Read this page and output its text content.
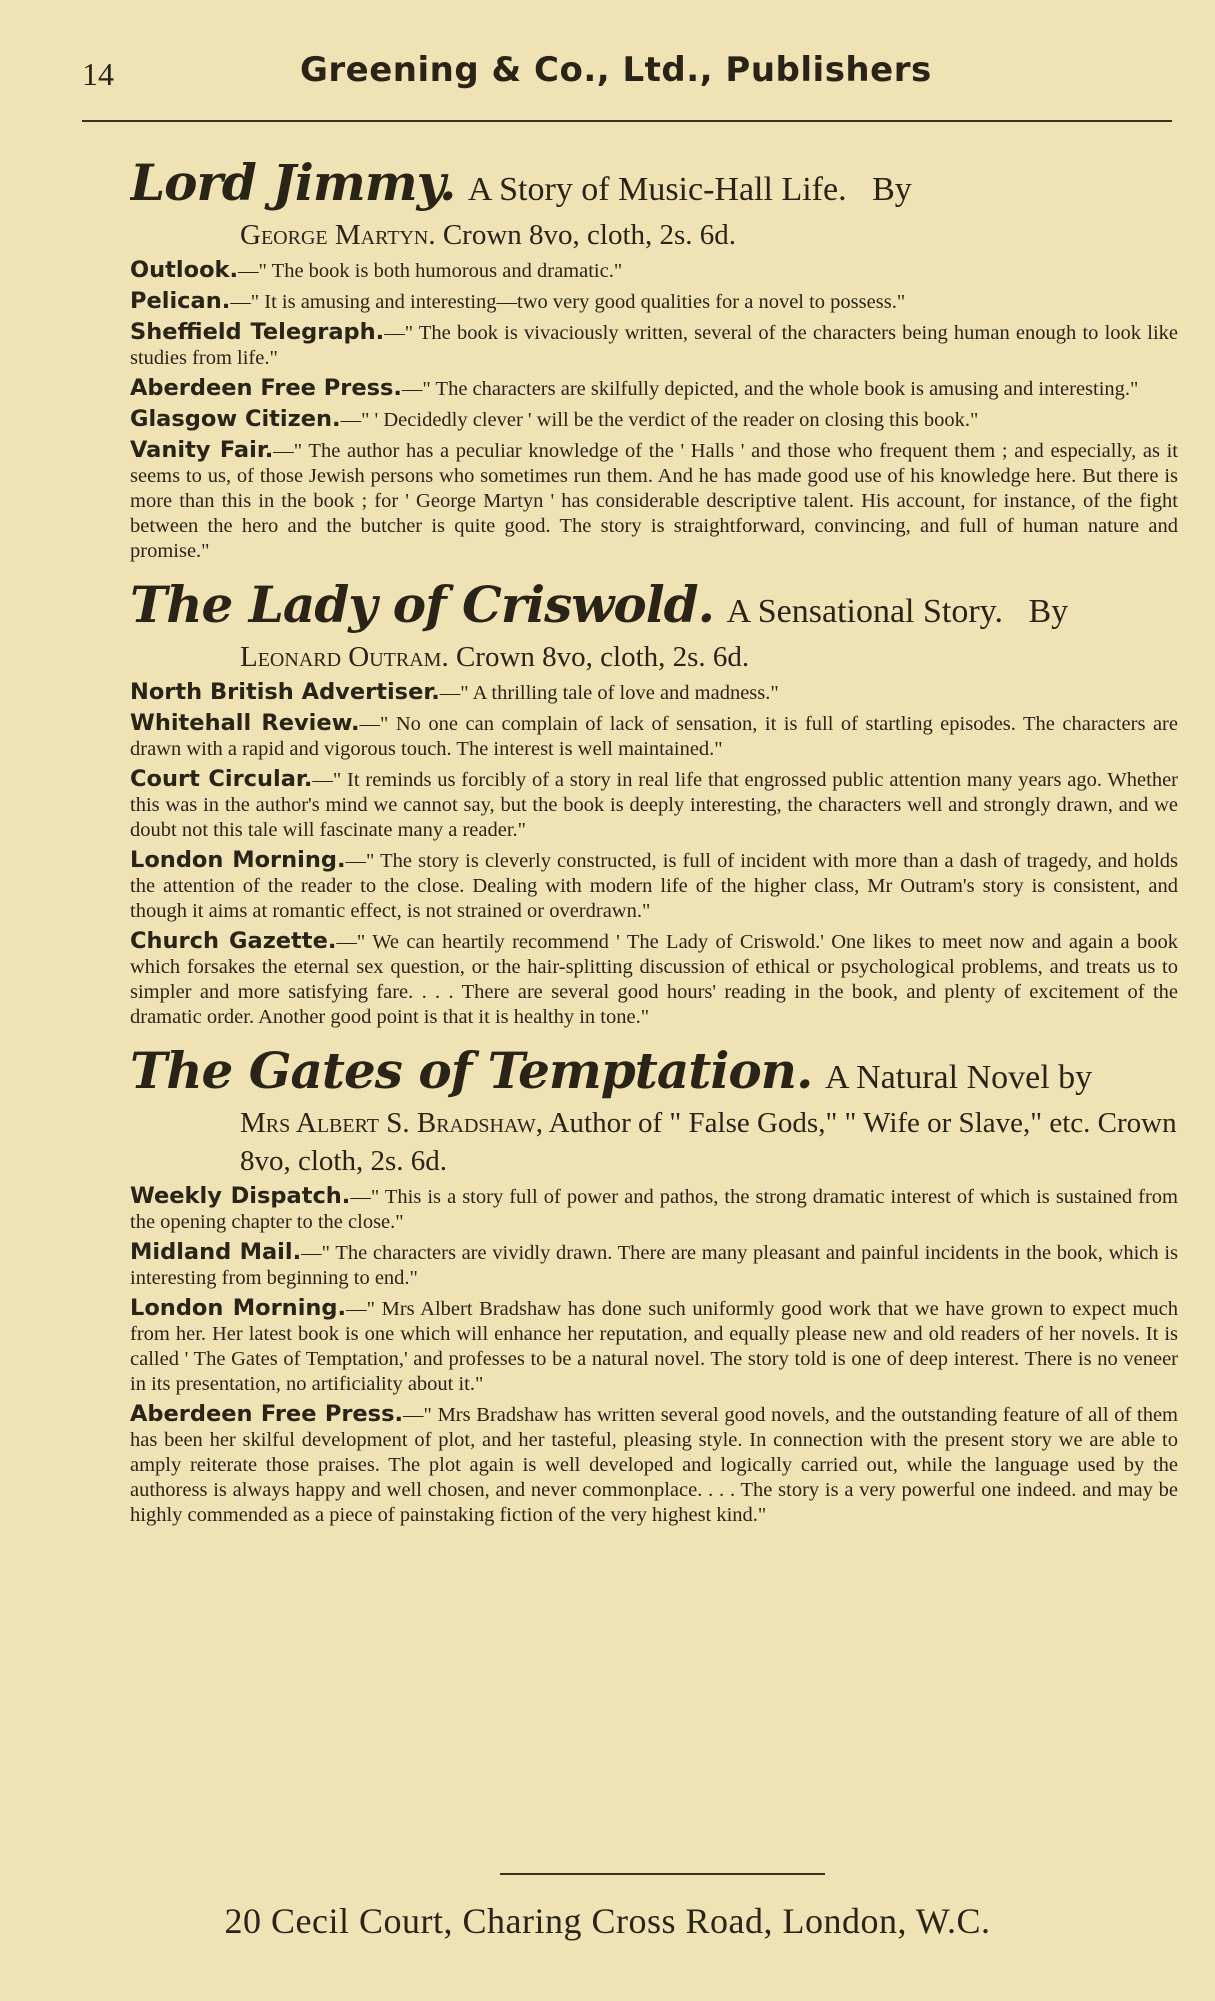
14	Greening & Co., Ltd., Publishers
Lord Jimmy. A Story of Music-Hall Life. By
George Martyn. Crown 8vo, cloth, 2s. 6d.
Outlook.—" The book is both humorous and dramatic."
Pelican.—" It is amusing and interesting—two very good qualities for a novel to possess."
Sheffield Telegraph.—" The book is vivaciously written, several of the characters being human enough to look like studies from life."
Aberdeen Free Press.—" The characters are skilfully depicted, and the whole book is amusing and interesting."
Glasgow Citizen.—" ' Decidedly clever ' will be the verdict of the reader on closing this book."
Vanity Fair.—" The author has a peculiar knowledge of the ' Halls ' and those who frequent them ; and especially, as it seems to us, of those Jewish persons who sometimes run them. And he has made good use of his knowledge here. But there is more than this in the book ; for ' George Martyn ' has considerable descriptive talent. His account, for instance, of the fight between the hero and the butcher is quite good. The story is straightforward, convincing, and full of human nature and promise."
The Lady of Criswold. A Sensational Story. By
Leonard Outram. Crown 8vo, cloth, 2s. 6d.
North British Advertiser.—" A thrilling tale of love and madness."
Whitehall Review.—" No one can complain of lack of sensation, it is full of startling episodes. The characters are drawn with a rapid and vigorous touch. The interest is well maintained."
Court Circular.—" It reminds us forcibly of a story in real life that engrossed public attention many years ago. Whether this was in the author's mind we cannot say, but the book is deeply interesting, the characters well and strongly drawn, and we doubt not this tale will fascinate many a reader."
London Morning.—" The story is cleverly constructed, is full of incident with more than a dash of tragedy, and holds the attention of the reader to the close. Dealing with modern life of the higher class, Mr Outram's story is consistent, and though it aims at romantic effect, is not strained or overdrawn."
Church Gazette.—" We can heartily recommend ' The Lady of Criswold.' One likes to meet now and again a book which forsakes the eternal sex question, or the hair-splitting discussion of ethical or psychological problems, and treats us to simpler and more satisfying fare. . . . There are several good hours' reading in the book, and plenty of excitement of the dramatic order. Another good point is that it is healthy in tone."
The Gates of Temptation. A Natural Novel by
Mrs Albert S. Bradshaw, Author of " False Gods," " Wife or Slave," etc. Crown 8vo, cloth, 2s. 6d.
Weekly Dispatch.—" This is a story full of power and pathos, the strong dramatic interest of which is sustained from the opening chapter to the close."
Midland Mail.—" The characters are vividly drawn. There are many pleasant and painful incidents in the book, which is interesting from beginning to end."
London Morning.—" Mrs Albert Bradshaw has done such uniformly good work that we have grown to expect much from her. Her latest book is one which will enhance her reputation, and equally please new and old readers of her novels. It is called ' The Gates of Temptation,' and professes to be a natural novel. The story told is one of deep interest. There is no veneer in its presentation, no artificiality about it."
Aberdeen Free Press.—" Mrs Bradshaw has written several good novels, and the outstanding feature of all of them has been her skilful development of plot, and her tasteful, pleasing style. In connection with the present story we are able to amply reiterate those praises. The plot again is well developed and logically carried out, while the language used by the authoress is always happy and well chosen, and never commonplace. . . . The story is a very powerful one indeed. and may be highly commended as a piece of painstaking fiction of the very highest kind."
20 Cecil Court, Charing Cross Road, London, W.C.
